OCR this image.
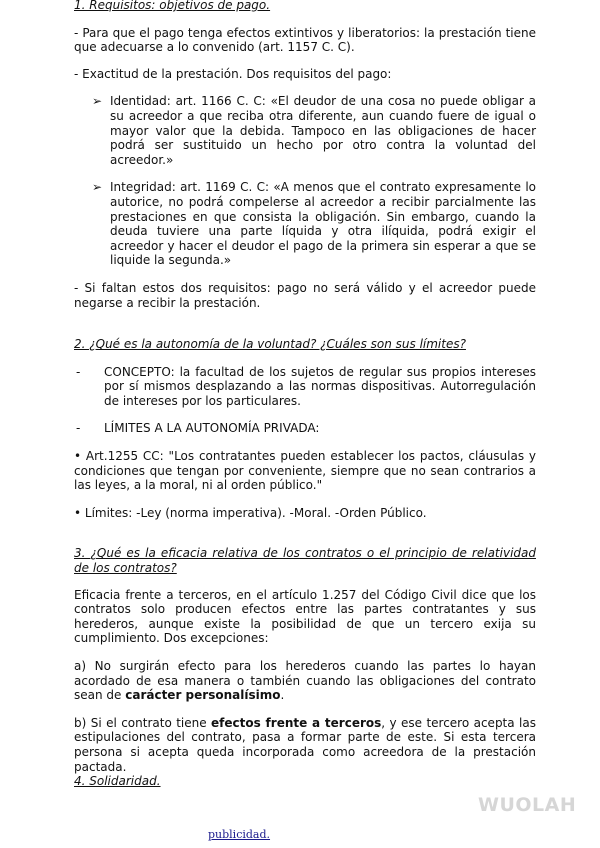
1. Requisitos: objetivos de pago.

- Para que el pago tenga efectos extintivos y liberatorios: la prestación tiene que adecuarse a lo convenido (art. 1157 C. C).

- Exactitud de la prestación. Dos requisitos del pago:

➢ Identidad: art. 1166 C. C: «El deudor de una cosa no puede obligar a su acreedor a que reciba otra diferente, aun cuando fuere de igual o mayor valor que la debida. Tampoco en las obligaciones de hacer podrá ser sustituido un hecho por otro contra la voluntad del acreedor.»

➢ Integridad: art. 1169 C. C: «A menos que el contrato expresamente lo autorice, no podrá compelerse al acreedor a recibir parcialmente las prestaciones en que consista la obligación. Sin embargo, cuando la deuda tuviere una parte líquida y otra ilíquida, podrá exigir el acreedor y hacer el deudor el pago de la primera sin esperar a que se liquide la segunda.»

- Si faltan estos dos requisitos: pago no será válido y el acreedor puede negarse a recibir la prestación.

2. ¿Qué es la autonomía de la voluntad? ¿Cuáles son sus límites?

- CONCEPTO: la facultad de los sujetos de regular sus propios intereses por sí mismos desplazando a las normas dispositivas. Autorregulación de intereses por los particulares.

- LÍMITES A LA AUTONOMÍA PRIVADA:

• Art.1255 CC: "Los contratantes pueden establecer los pactos, cláusulas y condiciones que tengan por conveniente, siempre que no sean contrarios a las leyes, a la moral, ni al orden público."

• Límites: -Ley (norma imperativa). -Moral. -Orden Público.

3. ¿Qué es la eficacia relativa de los contratos o el principio de relatividad de los contratos?

Eficacia frente a terceros, en el artículo 1.257 del Código Civil dice que los contratos solo producen efectos entre las partes contratantes y sus herederos, aunque existe la posibilidad de que un tercero exija su cumplimiento. Dos excepciones:

a) No surgirán efecto para los herederos cuando las partes lo hayan acordado de esa manera o también cuando las obligaciones del contrato sean de carácter personalísimo.

b) Si el contrato tiene efectos frente a terceros, y ese tercero acepta las estipulaciones del contrato, pasa a formar parte de este. Si esta tercera persona si acepta queda incorporada como acreedora de la prestación pactada.

4. Solidaridad.

WUOLAH
publicidad.
